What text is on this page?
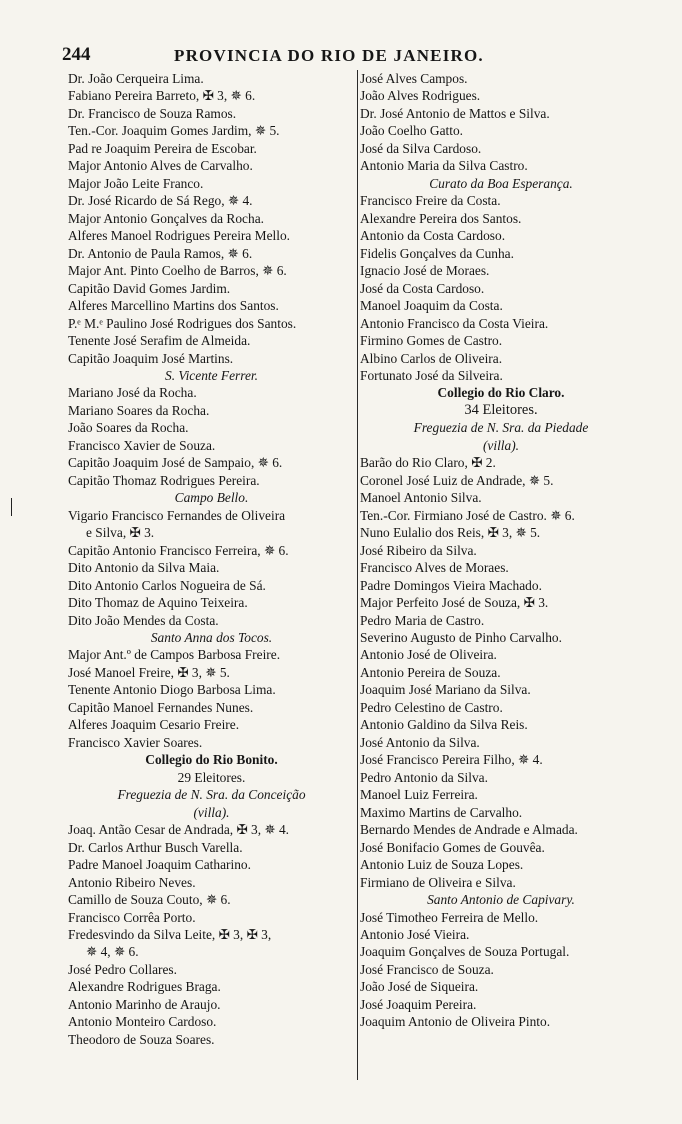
244	PROVINCIA DO RIO DE JANEIRO.
Dr. João Cerqueira Lima.
Fabiano Pereira Barreto, ✠ 3, ✵ 6.
Dr. Francisco de Souza Ramos.
Ten.-Cor. Joaquim Gomes Jardim, ✵ 5.
Pad re Joaquim Pereira de Escobar.
Major Antonio Alves de Carvalho.
Major João Leite Franco.
Dr. José Ricardo de Sá Rego, ✵ 4.
Major Antonio Gonçalves da Rocha.
Alferes Manoel Rodrigues Pereira Mello.
Dr. Antonio de Paula Ramos, ✵ 6.
Major Ant. Pinto Coelho de Barros, ✵ 6.
Capitão David Gomes Jardim.
Alferes Marcellino Martins dos Santos.
P.ᵉ M.ᵉ Paulino José Rodrigues dos Santos.
Tenente José Serafim de Almeida.
Capitão Joaquim José Martins.
S. Vicente Ferrer.
Mariano José da Rocha.
Mariano Soares da Rocha.
João Soares da Rocha.
Francisco Xavier de Souza.
Capitão Joaquim José de Sampaio, ✵ 6.
Capitão Thomaz Rodrigues Pereira.
Campo Bello.
Vigario Francisco Fernandes de Oliveira
e Silva, ✠ 3.
Capitão Antonio Francisco Ferreira, ✵ 6.
Dito Antonio da Silva Maia.
Dito Antonio Carlos Nogueira de Sá.
Dito Thomaz de Aquino Teixeira.
Dito João Mendes da Costa.
Santo Anna dos Tocos.
Major Ant.º de Campos Barbosa Freire.
José Manoel Freire, ✠ 3, ✵ 5.
Tenente Antonio Diogo Barbosa Lima.
Capitão Manoel Fernandes Nunes.
Alferes Joaquim Cesario Freire.
Francisco Xavier Soares.
Collegio do Rio Bonito.
29 Eleitores.
Freguezia de N. Sra. da Conceição
(villa).
Joaq. Antão Cesar de Andrada, ✠ 3, ✵ 4.
Dr. Carlos Arthur Busch Varella.
Padre Manoel Joaquim Catharino.
Antonio Ribeiro Neves.
Camillo de Souza Couto, ✵ 6.
Francisco Corrêa Porto.
Fredesvindo da Silva Leite, ✠ 3, ✠ 3,
✵ 4, ✵ 6.
José Pedro Collares.
Alexandre Rodrigues Braga.
Antonio Marinho de Araujo.
Antonio Monteiro Cardoso.
Theodoro de Souza Soares.
José Alves Campos.
João Alves Rodrigues.
Dr. José Antonio de Mattos e Silva.
João Coelho Gatto.
José da Silva Cardoso.
Antonio Maria da Silva Castro.
Curato da Boa Esperança.
Francisco Freire da Costa.
Alexandre Pereira dos Santos.
Antonio da Costa Cardoso.
Fidelis Gonçalves da Cunha.
Ignacio José de Moraes.
José da Costa Cardoso.
Manoel Joaquim da Costa.
Antonio Francisco da Costa Vieira.
Firmino Gomes de Castro.
Albino Carlos de Oliveira.
Fortunato José da Silveira.
Collegio do Rio Claro.
34 Eleitores.
Freguezia de N. Sra. da Piedade
(villa).
Barão do Rio Claro, ✠ 2.
Coronel José Luiz de Andrade, ✵ 5.
Manoel Antonio Silva.
Ten.-Cor. Firmiano José de Castro. ✵ 6.
Nuno Eulalio dos Reis, ✠ 3, ✵ 5.
José Ribeiro da Silva.
Francisco Alves de Moraes.
Padre Domingos Vieira Machado.
Major Perfeito José de Souza, ✠ 3.
Pedro Maria de Castro.
Severino Augusto de Pinho Carvalho.
Antonio José de Oliveira.
Antonio Pereira de Souza.
Joaquim José Mariano da Silva.
Pedro Celestino de Castro.
Antonio Galdino da Silva Reis.
José Antonio da Silva.
José Francisco Pereira Filho, ✵ 4.
Pedro Antonio da Silva.
Manoel Luiz Ferreira.
Maximo Martins de Carvalho.
Bernardo Mendes de Andrade e Almada.
José Bonifacio Gomes de Gouvêa.
Antonio Luiz de Souza Lopes.
Firmiano de Oliveira e Silva.
Santo Antonio de Capivary.
José Timotheo Ferreira de Mello.
Antonio José Vieira.
Joaquim Gonçalves de Souza Portugal.
José Francisco de Souza.
João José de Siqueira.
José Joaquim Pereira.
Joaquim Antonio de Oliveira Pinto.
